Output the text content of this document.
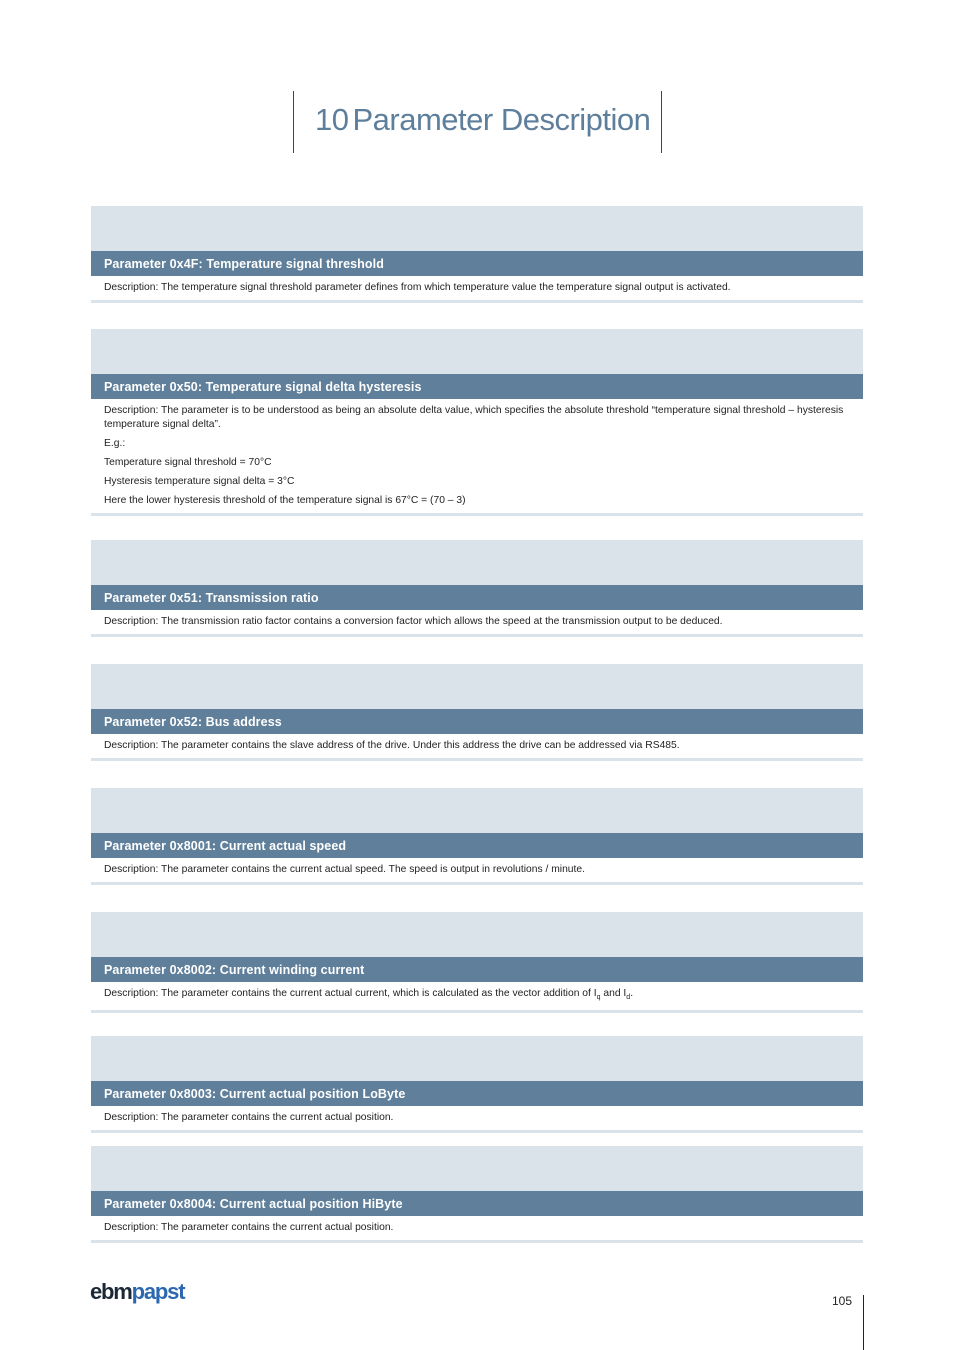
10 Parameter Description
Parameter 0x4F: Temperature signal threshold

Description: The temperature signal threshold parameter defines from which temperature value the temperature signal output is activated.

Parameter 0x50: Temperature signal delta hysteresis

Description: The parameter is to be understood as being an absolute delta value, which specifies the absolute threshold “temperature signal threshold – hysteresis temperature signal delta”.

E.g.:

Temperature signal threshold = 70°C

Hysteresis temperature signal delta = 3°C

Here the lower hysteresis threshold of the temperature signal is 67°C = (70 – 3)

Parameter 0x51: Transmission ratio

Description: The transmission ratio factor contains a conversion factor which allows the speed at the transmission output to be deduced.

Parameter 0x52: Bus address

Description: The parameter contains the slave address of the drive. Under this address the drive can be addressed via RS485.

Parameter 0x8001: Current actual speed

Description: The parameter contains the current actual speed. The speed is output in revolutions / minute.

Parameter 0x8002: Current winding current

Description: The parameter contains the current actual current, which is calculated as the vector addition of $I_q$ and $I_d$.

Parameter 0x8003: Current actual position LoByte

Description: The parameter contains the current actual position.

Parameter 0x8004: Current actual position HiByte

Description: The parameter contains the current actual position.

ebmpapst	105
